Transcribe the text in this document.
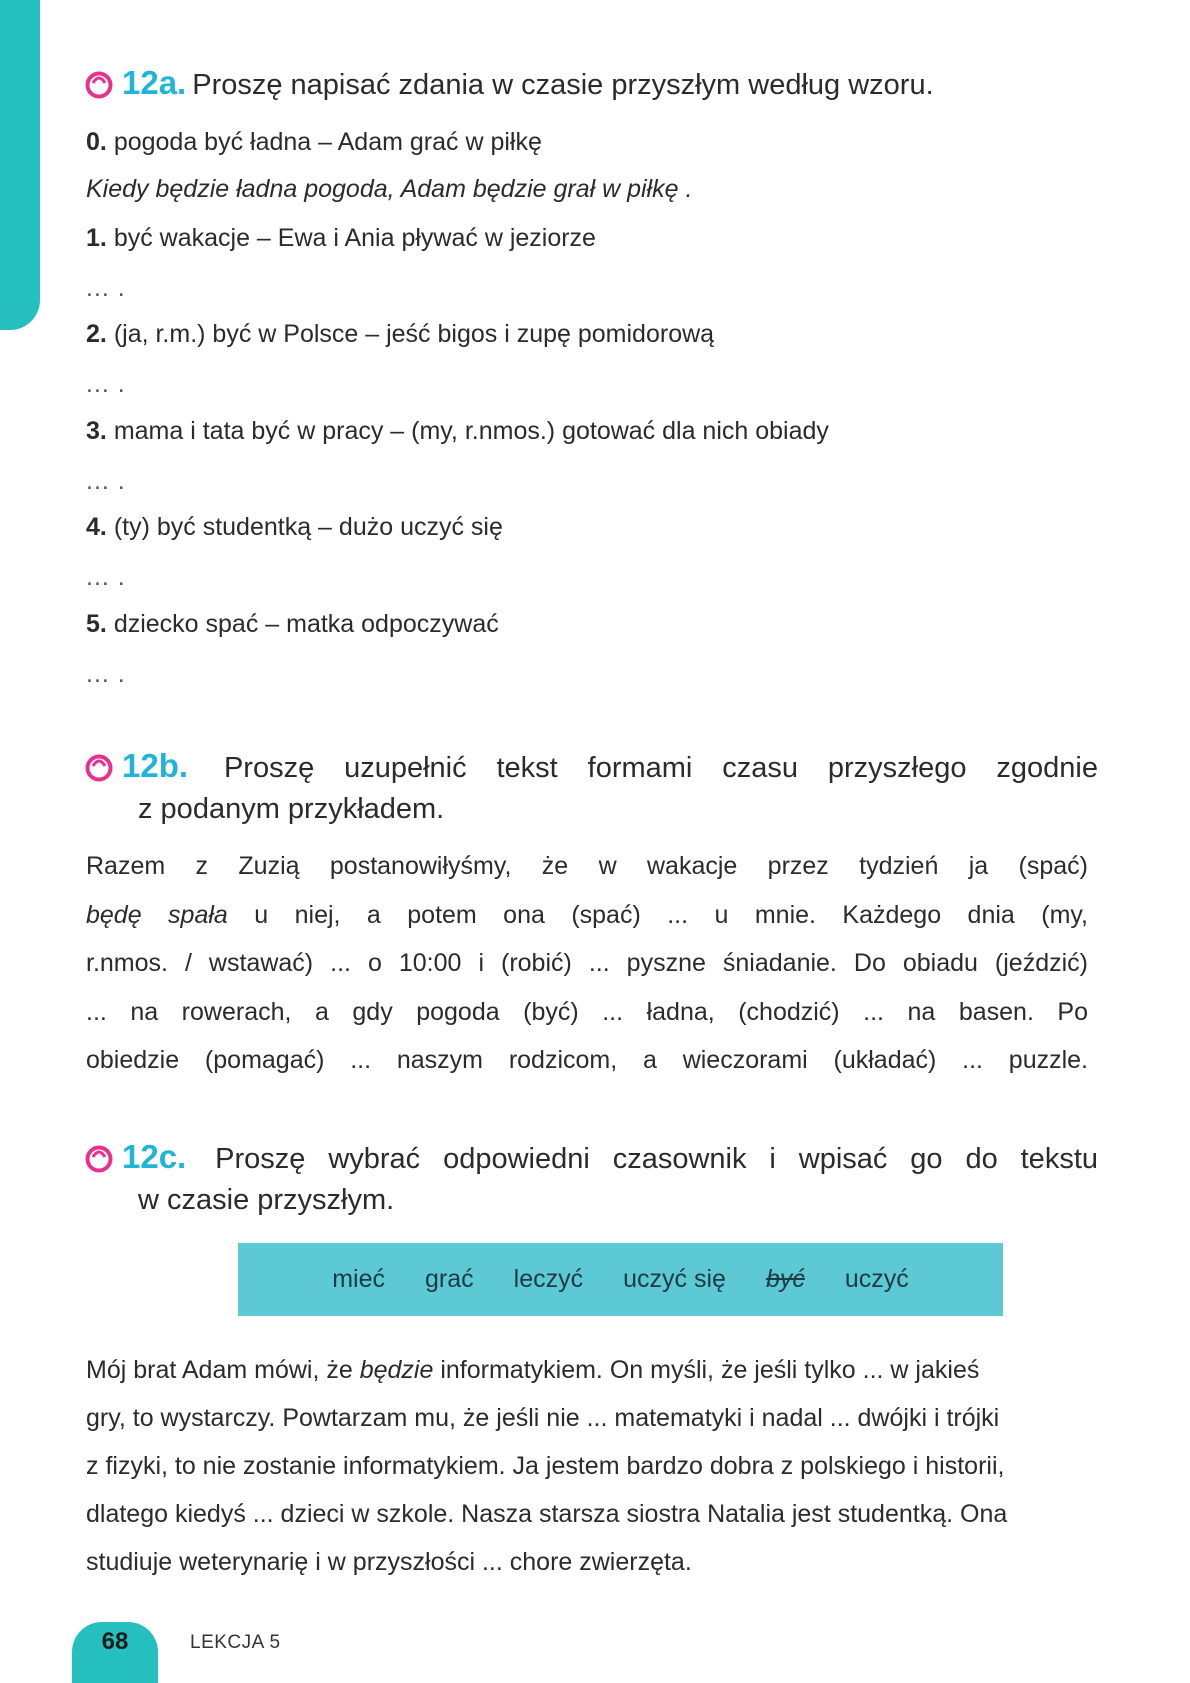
12a. Proszę napisać zdania w czasie przyszłym według wzoru.
0. pogoda być ładna – Adam grać w piłkę
Kiedy będzie ładna pogoda, Adam będzie grał w piłkę .
1. być wakacje – Ewa i Ania pływać w jeziorze
... .
2. (ja, r.m.) być w Polsce – jeść bigos i zupę pomidorową
... .
3. mama i tata być w pracy – (my, r.nmos.) gotować dla nich obiady
... .
4. (ty) być studentką – dużo uczyć się
... .
5. dziecko spać – matka odpoczywać
... .
12b. Proszę uzupełnić tekst formami czasu przyszłego zgodnie
z podanym przykładem.
Razem z Zuzią postanowiłyśmy, że w wakacje przez tydzień ja (spać)
będę spała u niej, a potem ona (spać) ... u mnie. Każdego dnia (my,
r.nmos. / wstawać) ... o 10:00 i (robić) ... pyszne śniadanie. Do obiadu (jeździć)
... na rowerach, a gdy pogoda (być) ... ładna, (chodzić) ... na basen. Po
obiedzie (pomagać) ... naszym rodzicom, a wieczorami (układać) ... puzzle.
12c. Proszę wybrać odpowiedni czasownik i wpisać go do tekstu
w czasie przyszłym.
mieć grać leczyć uczyć się być uczyć
Mój brat Adam mówi, że będzie informatykiem. On myśli, że jeśli tylko ... w jakieś
gry, to wystarczy. Powtarzam mu, że jeśli nie ... matematyki i nadal ... dwójki i trójki
z fizyki, to nie zostanie informatykiem. Ja jestem bardzo dobra z polskiego i historii,
dlatego kiedyś ... dzieci w szkole. Nasza starsza siostra Natalia jest studentką. Ona
studiuje weterynarię i w przyszłości ... chore zwierzęta.
68	LEKCJA 5
